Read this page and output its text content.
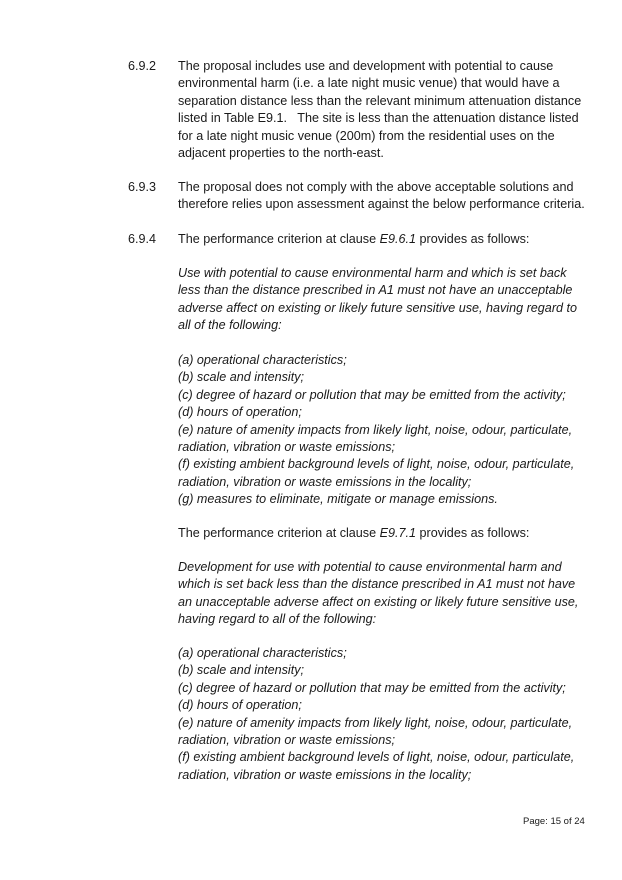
6.9.2 The proposal includes use and development with potential to cause
environmental harm (i.e. a late night music venue) that would have a
separation distance less than the relevant minimum attenuation distance
listed in Table E9.1.   The site is less than the attenuation distance listed
for a late night music venue (200m) from the residential uses on the
adjacent properties to the north-east.
6.9.3 The proposal does not comply with the above acceptable solutions and
therefore relies upon assessment against the below performance criteria.
6.9.4 The performance criterion at clause E9.6.1 provides as follows:
Use with potential to cause environmental harm and which is set back
less than the distance prescribed in A1 must not have an unacceptable
adverse affect on existing or likely future sensitive use, having regard to
all of the following:
(a) operational characteristics;
(b) scale and intensity;
(c) degree of hazard or pollution that may be emitted from the activity;
(d) hours of operation;
(e) nature of amenity impacts from likely light, noise, odour, particulate,
radiation, vibration or waste emissions;
(f) existing ambient background levels of light, noise, odour, particulate,
radiation, vibration or waste emissions in the locality;
(g) measures to eliminate, mitigate or manage emissions.
The performance criterion at clause E9.7.1 provides as follows:
Development for use with potential to cause environmental harm and
which is set back less than the distance prescribed in A1 must not have
an unacceptable adverse affect on existing or likely future sensitive use,
having regard to all of the following:
(a) operational characteristics;
(b) scale and intensity;
(c) degree of hazard or pollution that may be emitted from the activity;
(d) hours of operation;
(e) nature of amenity impacts from likely light, noise, odour, particulate,
radiation, vibration or waste emissions;
(f) existing ambient background levels of light, noise, odour, particulate,
radiation, vibration or waste emissions in the locality;
Page: 15 of 24
